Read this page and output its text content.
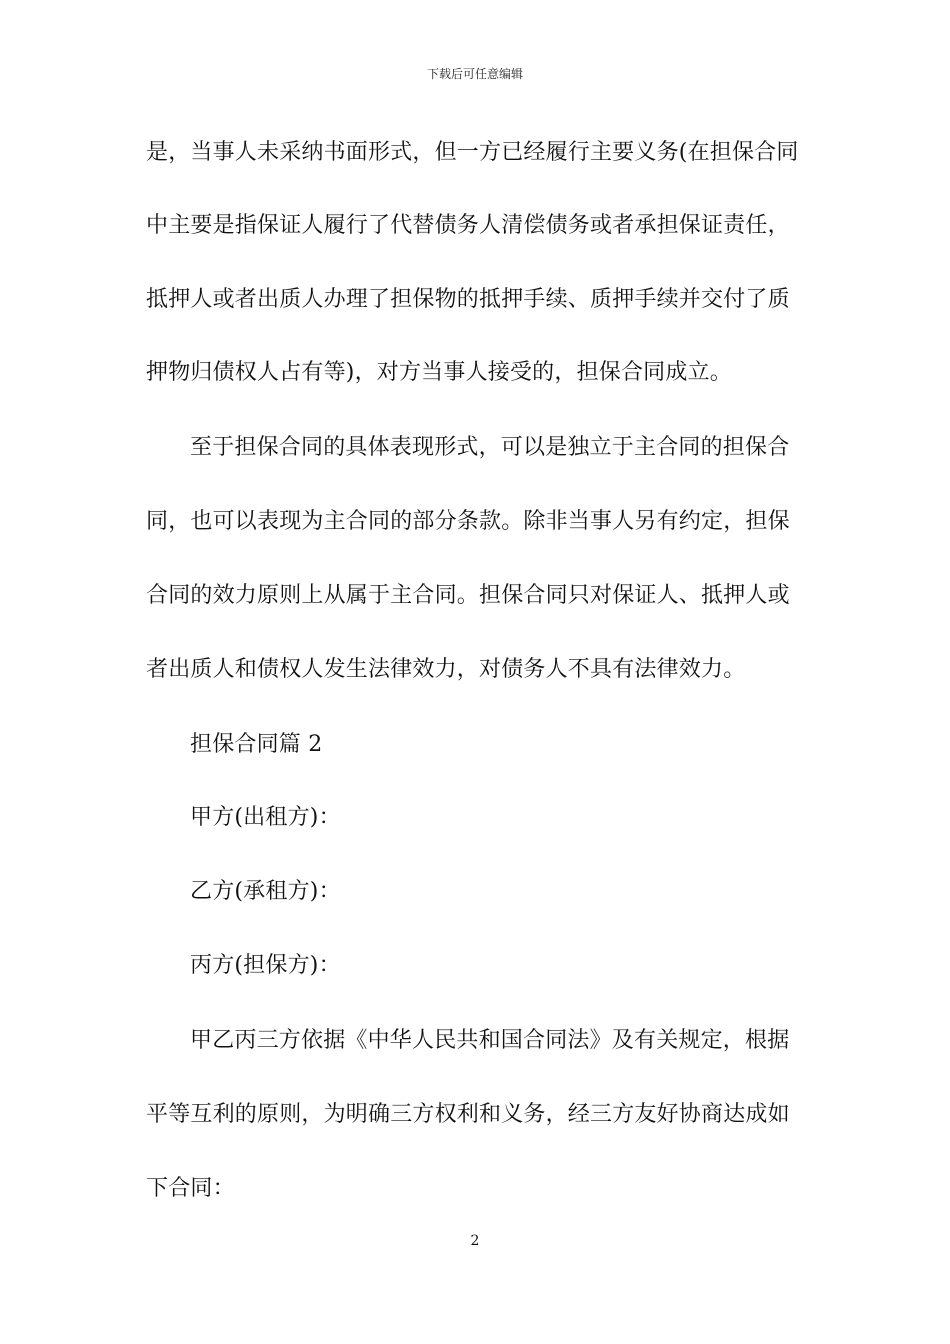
下载后可任意编辑
是，当事人未采纳书面形式，但一方已经履行主要义务(在担保合同
中主要是指保证人履行了代替债务人清偿债务或者承担保证责任，
抵押人或者出质人办理了担保物的抵押手续、质押手续并交付了质
押物归债权人占有等)，对方当事人接受的，担保合同成立。
至于担保合同的具体表现形式，可以是独立于主合同的担保合
同，也可以表现为主合同的部分条款。除非当事人另有约定，担保
合同的效力原则上从属于主合同。担保合同只对保证人、抵押人或
者出质人和债权人发生法律效力，对债务人不具有法律效力。
担保合同篇 2
甲方(出租方)：
乙方(承租方)：
丙方(担保方)：
甲乙丙三方依据《中华人民共和国合同法》及有关规定，根据
平等互利的原则，为明确三方权利和义务，经三方友好协商达成如
下合同：
2
